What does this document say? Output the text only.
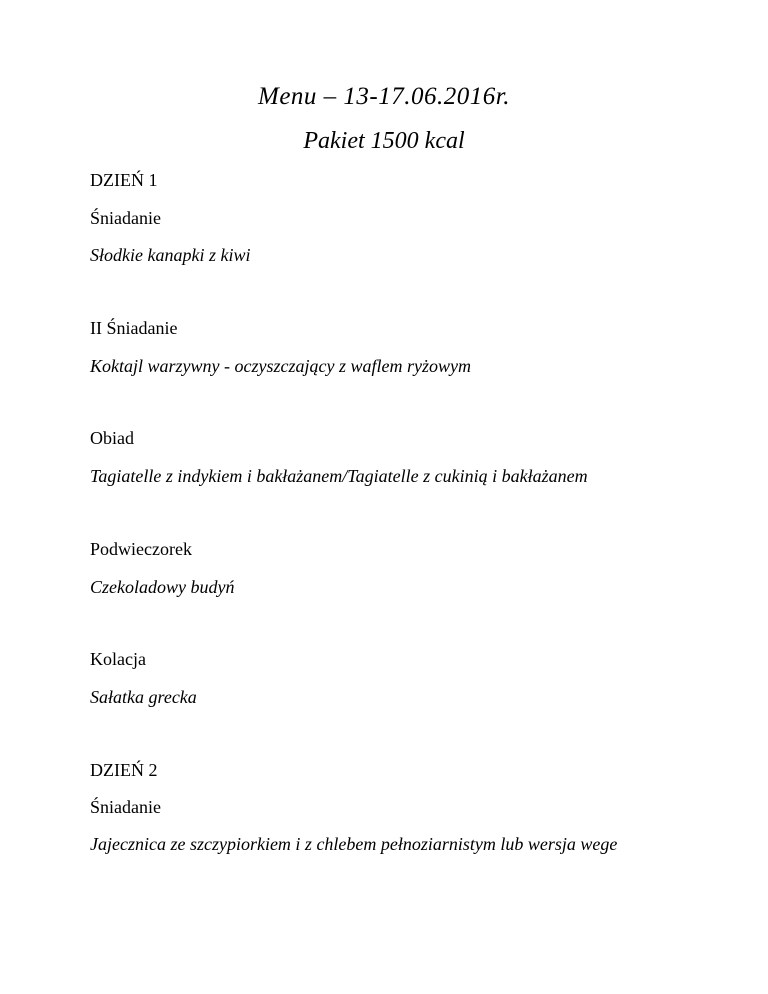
Menu – 13-17.06.2016r.
Pakiet 1500 kcal
DZIEŃ 1
Śniadanie
Słodkie kanapki z kiwi
II Śniadanie
Koktajl warzywny - oczyszczający z waflem ryżowym
Obiad
Tagiatelle z indykiem i bakłażanem/Tagiatelle z cukinią i bakłażanem
Podwieczorek
Czekoladowy budyń
Kolacja
Sałatka grecka
DZIEŃ 2
Śniadanie
Jajecznica ze szczypiorkiem i z chlebem pełnoziarnistym lub wersja wege
